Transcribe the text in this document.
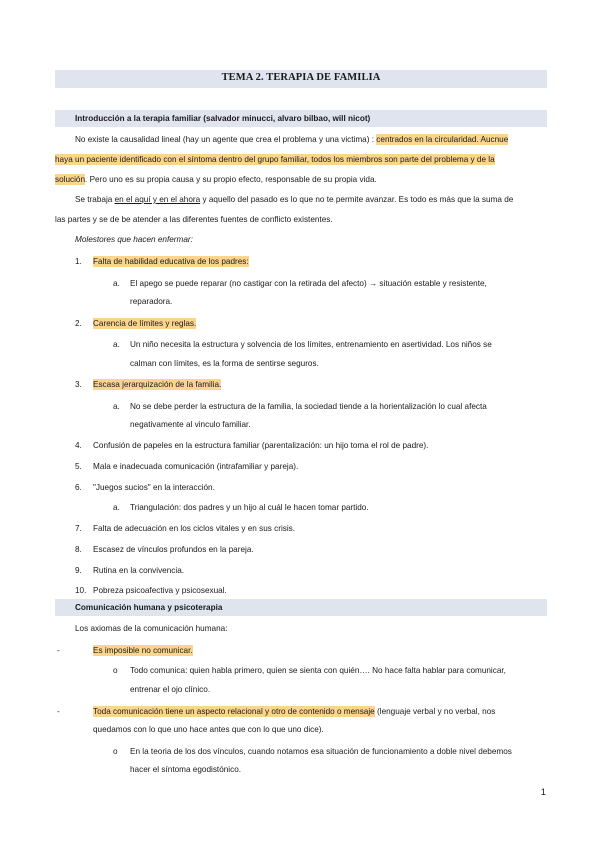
TEMA 2. TERAPIA DE FAMILIA
Introducción a la terapia familiar (salvador minucci, alvaro bilbao, will nicot)
No existe la causalidad lineal (hay un agente que crea el problema y una victima) : centrados en la circularidad. Aucnue
haya un paciente identificado con el síntoma dentro del grupo familiar, todos los miembros son parte del problema y de la
solución. Pero uno es su propia causa y su propio efecto, responsable de su propia vida.
Se trabaja en el aquí y en el ahora y aquello del pasado es lo que no te permite avanzar. Es todo es más que la suma de
las partes y se de be atender a las diferentes fuentes de conflicto existentes.
Molestores que hacen enfermar:
1. Falta de habilidad educativa de los padres:
a. El apego se puede reparar (no castigar con la retirada del afecto) → situación estable y resistente,
reparadora.
2. Carencia de límites y reglas.
a. Un niño necesita la estructura y solvencia de los límites, entrenamiento en asertividad. Los niños se
calman con límites, es la forma de sentirse seguros.
3. Escasa jerarquización de la familia.
a. No se debe perder la estructura de la familia, la sociedad tiende a la horientalización lo cual afecta
negativamente al vinculo familiar.
4. Confusión de papeles en la estructura familiar (parentalización: un hijo toma el rol de padre).
5. Mala e inadecuada comunicación (intrafamiliar y pareja).
6. "Juegos sucios" en la interacción.
a. Triangulación: dos padres y un hijo al cuál le hacen tomar partido.
7. Falta de adecuación en los ciclos vitales y en sus crisis.
8. Escasez de vínculos profundos en la pareja.
9. Rutina en la convivencia.
10. Pobreza psicoafectiva y psicosexual.
Comunicación humana y psicoterapia
Los axiomas de la comunicación humana:
-	Es imposible no comunicar.
o Todo comunica: quien habla primero, quien se sienta con quién…. No hace falta hablar para comunicar,
entrenar el ojo clínico.
-	Toda comunicación tiene un aspecto relacional y otro de contenido o mensaje (lenguaje verbal y no verbal, nos
quedamos con lo que uno hace antes que con lo que uno dice).
o En la teoria de los dos vínculos, cuando notamos esa situación de funcionamiento a doble nivel debemos
hacer el síntoma egodistónico.
1
